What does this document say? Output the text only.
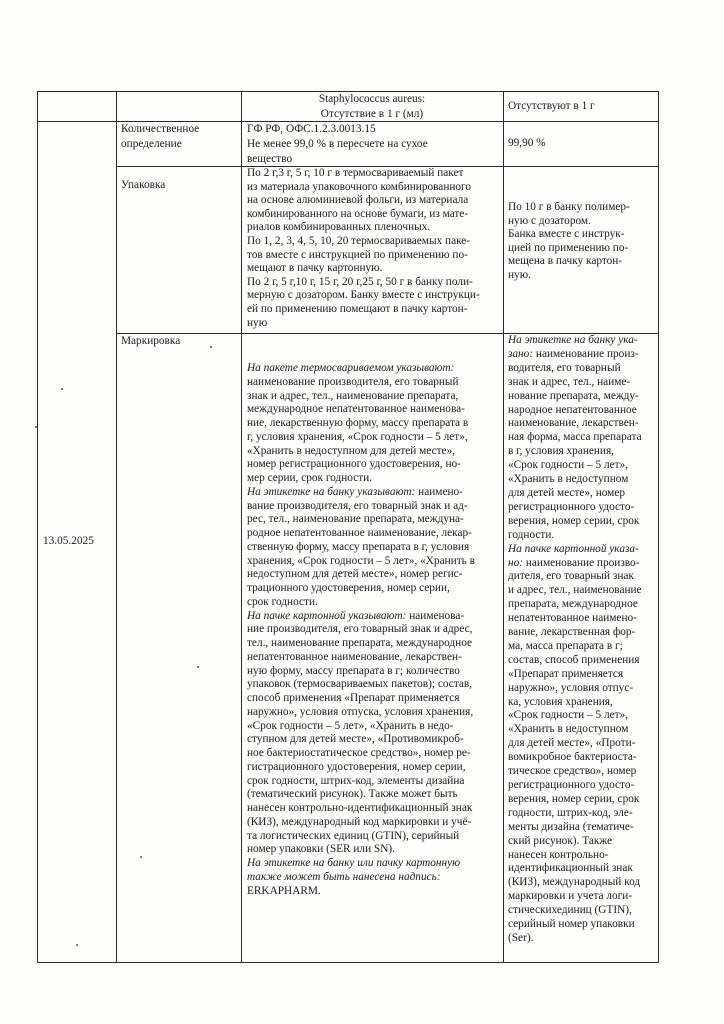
Staphylococcus aureus:
Отсутствие в 1 г (мл)
Отсутствуют в 1 г
13.05.2025
Количественное
определение
Упаковка
Маркировка
ГФ РФ, ОФС.1.2.3.0013.15
Не менее 99,0 % в пересчете на сухое
вещество
99,90 %
По 2 г,3 г, 5 г, 10 г в термосвариваемый пакет
из материала упаковочного комбинированного
на основе алюминиевой фольги, из материала
комбинированного на основе бумаги, из мате-
риалов комбинированных пленочных.
По 1, 2, 3, 4, 5, 10, 20 термосвариваемых паке-
тов вместе с инструкцией по применению по-
мещают в пачку картонную.
По 2 г, 5 г,10 г, 15 г, 20 г,25 г, 50 г в банку поли-
мерную с дозатором. Банку вместе с инструкци-
ей по применению помещают в пачку картон-
ную
По 10 г в банку полимер-
ную с дозатором.
Банка вместе с инструк-
цией по применению по-
мещена в пачку картон-
ную.
На пакете термосвариваемом указывают:
наименование производителя, его товарный
знак и адрес, тел., наименование препарата,
международное непатентованное наименова-
ние, лекарственную форму, массу препарата в
г, условия хранения, «Срок годности – 5 лет»,
«Хранить в недоступном для детей месте»,
номер регистрационного удостоверения, но-
мер серии, срок годности.
На этикетке на банку указывают: наимено-
вание производителя, его товарный знак и ад-
рес, тел., наименование препарата, междуна-
родное непатентованное наименование, лекар-
ственную форму, массу препарата в г, условия
хранения, «Срок годности – 5 лет», «Хранить в
недоступном для детей месте», номер регис-
трационного удостоверения, номер серии,
срок годности.
На пачке картонной указывают: наименова-
ние производителя, его товарный знак и адрес,
тел., наименование препарата, международное
непатентованное наименование, лекарствен-
ную форму, массу препарата в г; количество
упаковок (термосвариваемых пакетов); состав,
способ применения «Препарат применяется
наружно», условия отпуска, условия хранения,
«Срок годности – 5 лет», «Хранить в недо-
ступном для детей месте», «Противомикроб-
ное бактериостатическое средство», номер ре-
гистрационного удостоверения, номер серии,
срок годности, штрих-код, элементы дизайна
(тематический рисунок). Также может быть
нанесен контрольно-идентификационный знак
(КИЗ), международный код маркировки и учё-
та логистических единиц (GTIN), серийный
номер упаковки (SER или SN).
На этикетке на банку или пачку картонную
также может быть нанесена надпись:
ERKAPHARM.
На этикетке на банку ука-
зано: наименование произ-
водителя, его товарный
знак и адрес, тел., наиме-
нование препарата, между-
народное непатентованное
наименование, лекарствен-
ная форма, масса препарата
в г, условия хранения,
«Срок годности – 5 лет»,
«Хранить в недоступном
для детей месте», номер
регистрационного удосто-
верения, номер серии, срок
годности.
На пачке картонной указа-
но: наименование произво-
дителя, его товарный знак
и адрес, тел., наименование
препарата, международное
непатентованное наимено-
вание, лекарственная фор-
ма, масса препарата в г;
состав, способ применения
«Препарат применяется
наружно», условия отпус-
ка, условия хранения,
«Срок годности – 5 лет»,
«Хранить в недоступном
для детей месте», «Проти-
вомикробное бактериоста-
тическое средство», номер
регистрационного удосто-
верения, номер серии, срок
годности, штрих-код, эле-
менты дизайна (тематиче-
ский рисунок). Также
нанесен контрольно-
идентификационный знак
(КИЗ), международный код
маркировки и учета логи-
стическихединиц (GTIN),
серийный номер упаковки
(Ser).
